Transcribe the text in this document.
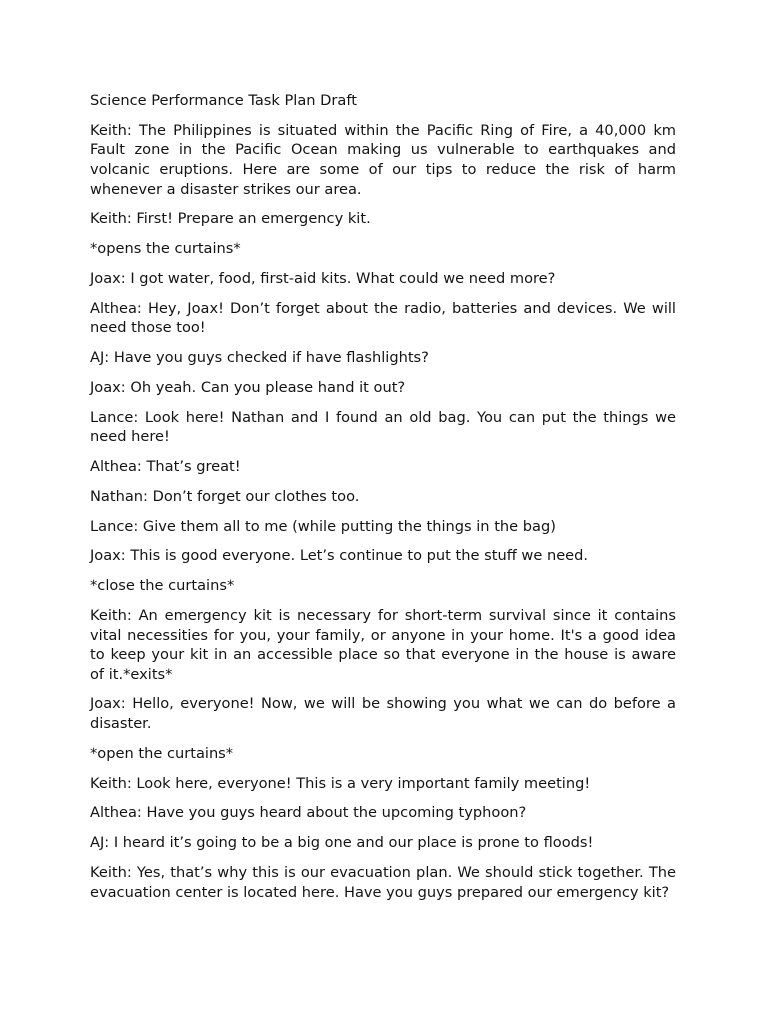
Science Performance Task Plan Draft

Keith: The Philippines is situated within the Pacific Ring of Fire, a 40,000 km Fault zone in the Pacific Ocean making us vulnerable to earthquakes and volcanic eruptions. Here are some of our tips to reduce the risk of harm whenever a disaster strikes our area.

Keith: First! Prepare an emergency kit.

*opens the curtains*

Joax: I got water, food, first-aid kits. What could we need more?

Althea: Hey, Joax! Don’t forget about the radio, batteries and devices. We will need those too!

AJ: Have you guys checked if have flashlights?

Joax: Oh yeah. Can you please hand it out?

Lance: Look here! Nathan and I found an old bag. You can put the things we need here!

Althea: That’s great!

Nathan: Don’t forget our clothes too.

Lance: Give them all to me (while putting the things in the bag)

Joax: This is good everyone. Let’s continue to put the stuff we need.

*close the curtains*

Keith: An emergency kit is necessary for short-term survival since it contains vital necessities for you, your family, or anyone in your home. It's a good idea to keep your kit in an accessible place so that everyone in the house is aware of it.*exits*

Joax: Hello, everyone! Now, we will be showing you what we can do before a disaster.

*open the curtains*

Keith: Look here, everyone! This is a very important family meeting!

Althea: Have you guys heard about the upcoming typhoon?

AJ: I heard it’s going to be a big one and our place is prone to floods!

Keith: Yes, that’s why this is our evacuation plan. We should stick together. The evacuation center is located here. Have you guys prepared our emergency kit?
